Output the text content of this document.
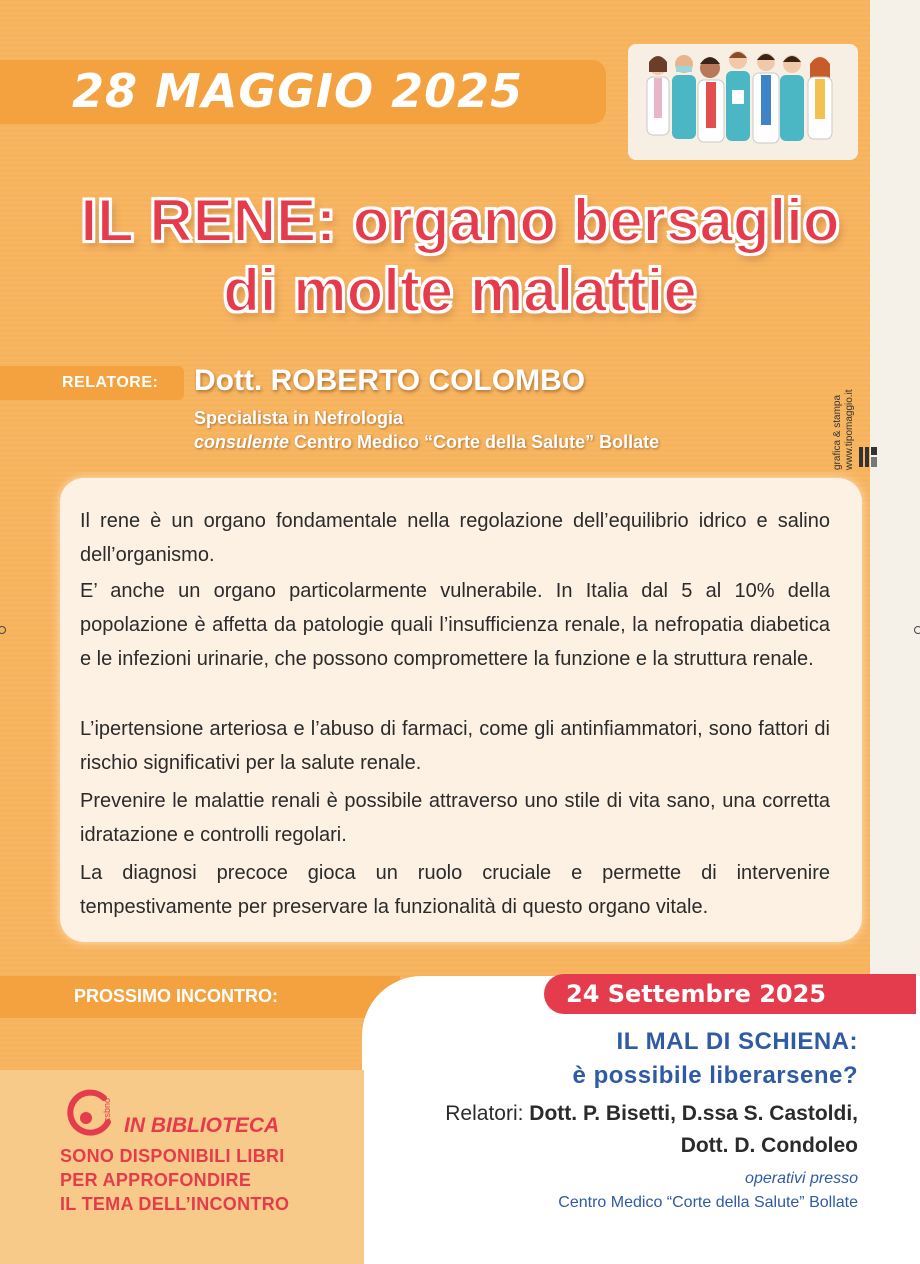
28 MAGGIO 2025
IL RENE: organo bersaglio
di molte malattie
RELATORE: Dott. ROBERTO COLOMBO
Specialista in Nefrologia
consulente Centro Medico “Corte della Salute” Bollate	grafica & stampa www.tipomaggio.it

Il rene è un organo fondamentale nella regolazione dell’equilibrio idrico e salino dell’organismo.

E’ anche un organo particolarmente vulnerabile. In Italia dal 5 al 10% della popolazione è affetta da patologie quali l’insufficienza renale, la nefropatia diabetica e le infezioni urinarie, che possono compromettere la funzione e la struttura renale.

L’ipertensione arteriosa e l’abuso di farmaci, come gli antinfiammatori, sono fattori di rischio significativi per la salute renale.

Prevenire le malattie renali è possibile attraverso uno stile di vita sano, una corretta idratazione e controlli regolari.

La diagnosi precoce gioca un ruolo cruciale e permette di intervenire tempestivamente per preservare la funzionalità di questo organo vitale.

PROSSIMO INCONTRO:	24 Settembre 2025
IL MAL DI SCHIENA:
è possibile liberarsene?
Relatori: Dott. P. Bisetti, D.ssa S. Castoldi,
Dott. D. Condoleo
operativi presso
Centro Medico “Corte della Salute” Bollate
csbno
IN BIBLIOTECA
SONO DISPONIBILI LIBRI
PER APPROFONDIRE
IL TEMA DELL’INCONTRO
